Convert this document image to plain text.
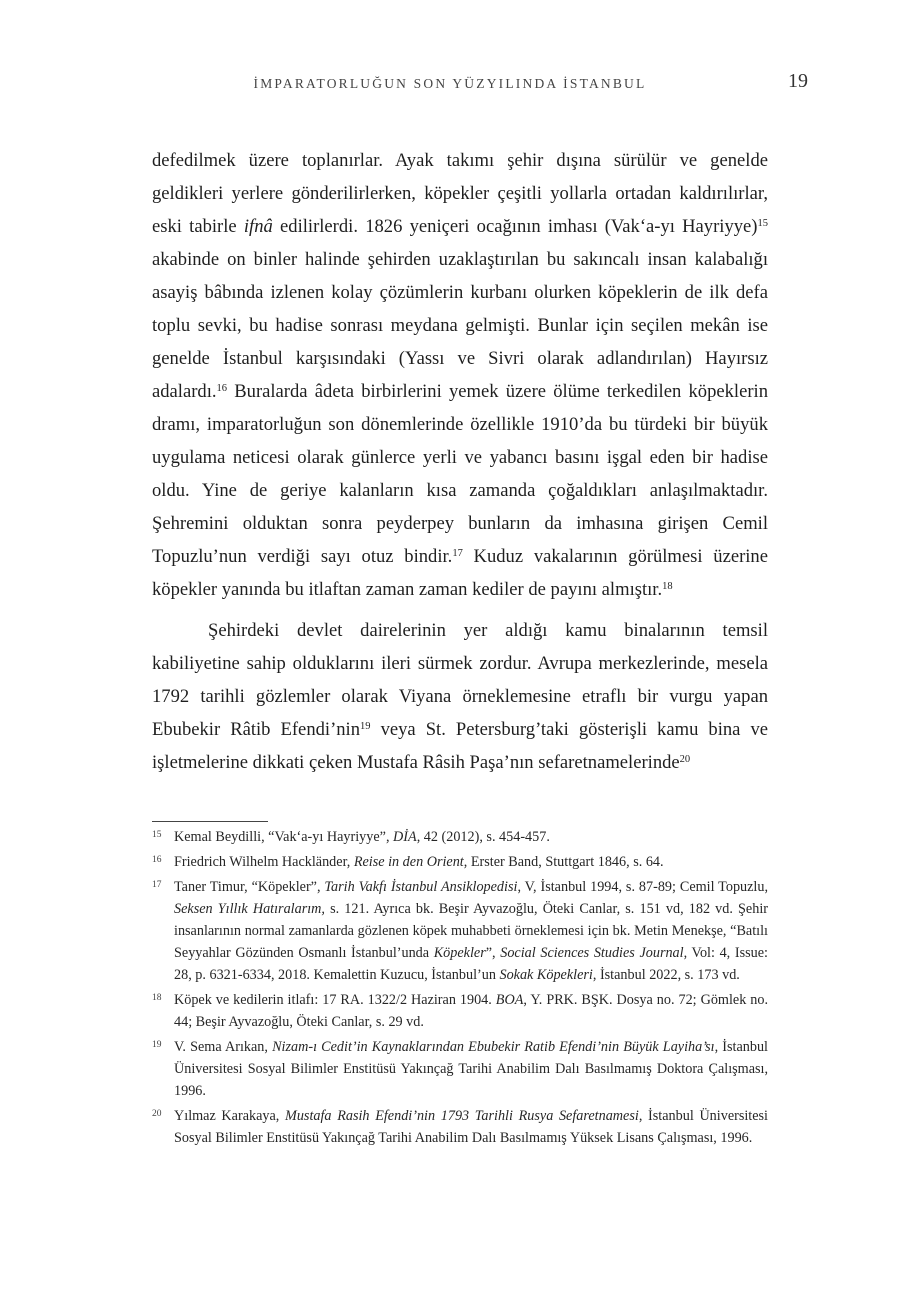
İMPARATORLUĞUN SON YÜZYILINDA İSTANBUL	19

defedilmek üzere toplanırlar. Ayak takımı şehir dışına sürülür ve genelde geldikleri yerlere gönderilirlerken, köpekler çeşitli yollarla ortadan kaldırılırlar, eski tabirle ifnâ edilirlerdi. 1826 yeniçeri ocağının imhası (Vak‘a-yı Hayriyye)$^{15}$ akabinde on binler halinde şehirden uzaklaştırılan bu sakıncalı insan kalabalığı asayiş bâbında izlenen kolay çözümlerin kurbanı olurken köpeklerin de ilk defa toplu sevki, bu hadise sonrası meydana gelmişti. Bunlar için seçilen mekân ise genelde İstanbul karşısındaki (Yassı ve Sivri olarak adlandırılan) Hayırsız adalardı.$^{16}$ Buralarda âdeta birbirlerini yemek üzere ölüme terkedilen köpeklerin dramı, imparatorluğun son dönemlerinde özellikle 1910’da bu türdeki bir büyük uygulama neticesi olarak günlerce yerli ve yabancı basını işgal eden bir hadise oldu. Yine de geriye kalanların kısa zamanda çoğaldıkları anlaşılmaktadır. Şehremini olduktan sonra peyderpey bunların da imhasına girişen Cemil Topuzlu’nun verdiği sayı otuz bindir.$^{17}$ Kuduz vakalarının görülmesi üzerine köpekler yanında bu itlaftan zaman zaman kediler de payını almıştır.$^{18}$

Şehirdeki devlet dairelerinin yer aldığı kamu binalarının temsil kabiliyetine sahip olduklarını ileri sürmek zordur. Avrupa merkezlerinde, mesela 1792 tarihli gözlemler olarak Viyana örneklemesine etraflı bir vurgu yapan Ebubekir Râtib Efendi’nin$^{19}$ veya St. Petersburg’taki gösterişli kamu bina ve işletmelerine dikkati çeken Mustafa Râsih Paşa’nın sefaretnamelerinde$^{20}$

15 Kemal Beydilli, “Vak‘a-yı Hayriyye”, DİA, 42 (2012), s. 454-457.

16 Friedrich Wilhelm Hackländer, Reise in den Orient, Erster Band, Stuttgart 1846, s. 64.

17 Taner Timur, “Köpekler”, Tarih Vakfı İstanbul Ansiklopedisi, V, İstanbul 1994, s. 87-89; Cemil Topuzlu, Seksen Yıllık Hatıralarım, s. 121. Ayrıca bk. Beşir Ayvazoğlu, Öteki Canlar, s. 151 vd, 182 vd. Şehir insanlarının normal zamanlarda gözlenen köpek muhabbeti örneklemesi için bk. Metin Menekşe, “Batılı Seyyahlar Gözünden Osmanlı İstanbul’unda Köpekler”, Social Sciences Studies Journal, Vol: 4, Issue: 28, p. 6321-6334, 2018. Kemalettin Kuzucu, İstanbul’un Sokak Köpekleri, İstanbul 2022, s. 173 vd.

18 Köpek ve kedilerin itlafı: 17 RA. 1322/2 Haziran 1904. BOA, Y. PRK. BŞK. Dosya no. 72; Gömlek no. 44; Beşir Ayvazoğlu, Öteki Canlar, s. 29 vd.

19 V. Sema Arıkan, Nizam-ı Cedit’in Kaynaklarından Ebubekir Ratib Efendi’nin Büyük Layiha’sı, İstanbul Üniversitesi Sosyal Bilimler Enstitüsü Yakınçağ Tarihi Anabilim Dalı Basılmamış Doktora Çalışması, 1996.

20 Yılmaz Karakaya, Mustafa Rasih Efendi’nin 1793 Tarihli Rusya Sefaretnamesi, İstanbul Üniversitesi Sosyal Bilimler Enstitüsü Yakınçağ Tarihi Anabilim Dalı Basılmamış Yüksek Lisans Çalışması, 1996.
